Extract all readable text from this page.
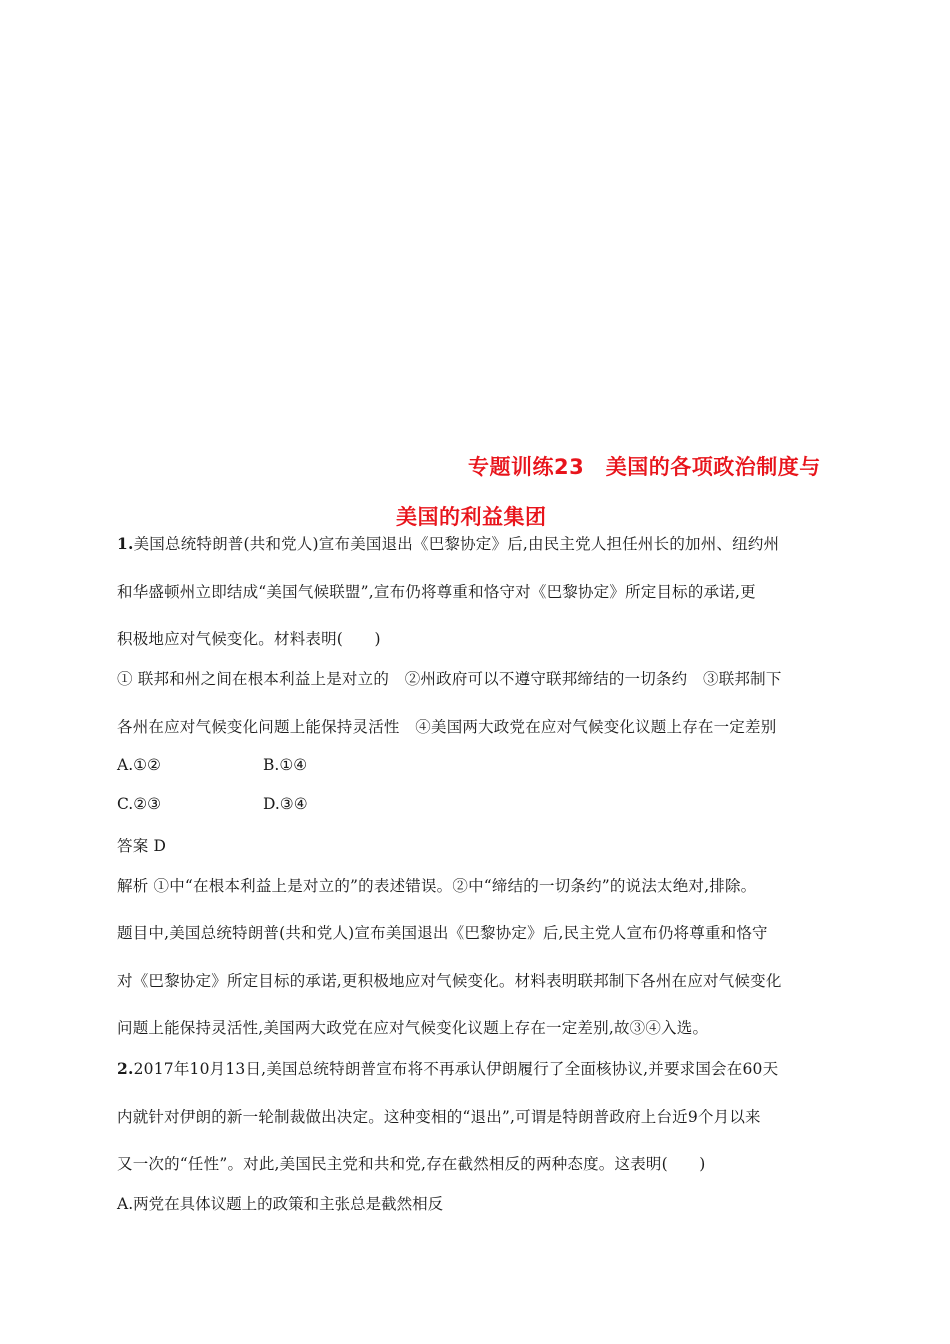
专题训练23　美国的各项政治制度与
美国的利益集团
1.美国总统特朗普(共和党人)宣布美国退出《巴黎协定》后,由民主党人担任州长的加州、纽约州
和华盛顿州立即结成“美国气候联盟”,宣布仍将尊重和恪守对《巴黎协定》所定目标的承诺,更
积极地应对气候变化。材料表明(　　)
① 联邦和州之间在根本利益上是对立的　②州政府可以不遵守联邦缔结的一切条约　③联邦制下
各州在应对气候变化问题上能保持灵活性　④美国两大政党在应对气候变化议题上存在一定差别
A.①②	B.①④
C.②③	D.③④
答案 D
解析 ①中“在根本利益上是对立的”的表述错误。②中“缔结的一切条约”的说法太绝对,排除。
题目中,美国总统特朗普(共和党人)宣布美国退出《巴黎协定》后,民主党人宣布仍将尊重和恪守
对《巴黎协定》所定目标的承诺,更积极地应对气候变化。材料表明联邦制下各州在应对气候变化
问题上能保持灵活性,美国两大政党在应对气候变化议题上存在一定差别,故③④入选。
2.2017年10月13日,美国总统特朗普宣布将不再承认伊朗履行了全面核协议,并要求国会在60天
内就针对伊朗的新一轮制裁做出决定。这种变相的“退出”,可谓是特朗普政府上台近9个月以来
又一次的“任性”。对此,美国民主党和共和党,存在截然相反的两种态度。这表明(　　)
A.两党在具体议题上的政策和主张总是截然相反
